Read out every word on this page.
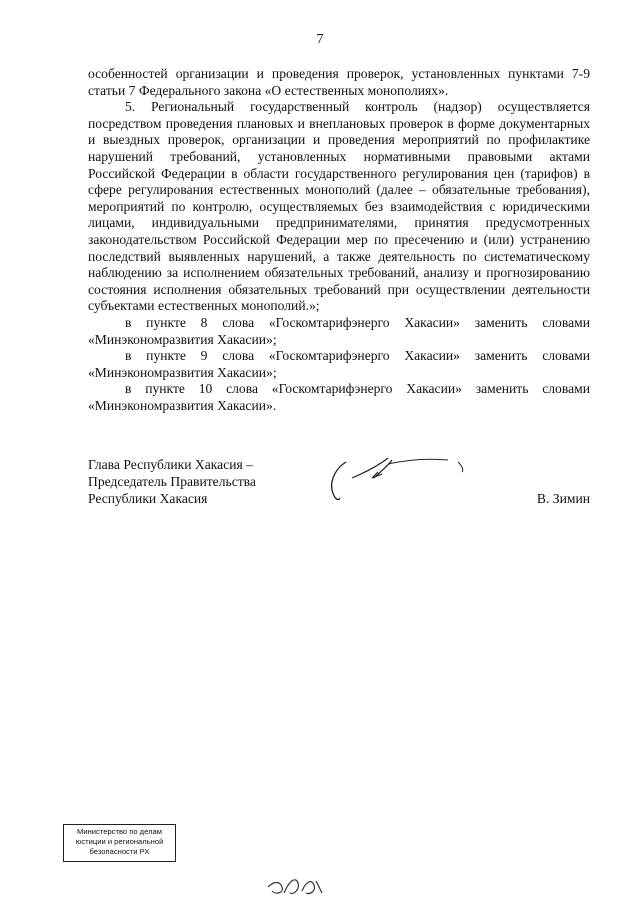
7

особенностей организации и проведения проверок, установленных пунктами 7-9 статьи 7 Федерального закона «О естественных монополиях».

5. Региональный государственный контроль (надзор) осуществляется посредством проведения плановых и внеплановых проверок в форме документарных и выездных проверок, организации и проведения мероприятий по профилактике нарушений требований, установленных нормативными правовыми актами Российской Федерации в области государственного регулирования цен (тарифов) в сфере регулирования естественных монополий (далее – обязательные требования), мероприятий по контролю, осуществляемых без взаимодействия с юридическими лицами, индивидуальными предпринимателями, принятия предусмотренных законодательством Российской Федерации мер по пресечению и (или) устранению последствий выявленных нарушений, а также деятельность по систематическому наблюдению за исполнением обязательных требований, анализу и прогнозированию состояния исполнения обязательных требований при осуществлении деятельности субъектами естественных монополий.»;

в пункте 8 слова «Госкомтарифэнерго Хакасии» заменить словами «Минэкономразвития Хакасии»;

в пункте 9 слова «Госкомтарифэнерго Хакасии» заменить словами «Минэкономразвития Хакасии»;

в пункте 10 слова «Госкомтарифэнерго Хакасии» заменить словами «Минэкономразвития Хакасии».

Глава Республики Хакасия –
Председатель Правительства
Республики Хакасия	В. Зимин
Министерство по делам
юстиции и региональной
безопасности РХ
